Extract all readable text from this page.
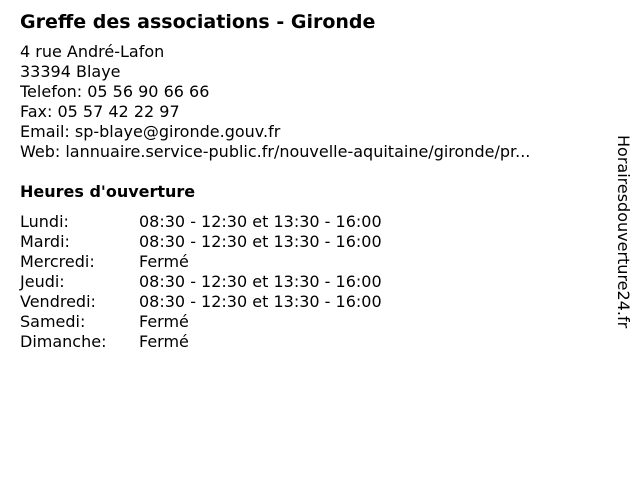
Greffe des associations - Gironde
4 rue André-Lafon
33394 Blaye
Telefon: 05 56 90 66 66
Fax: 05 57 42 22 97
Email: sp-blaye@gironde.gouv.fr
Web: lannuaire.service-public.fr/nouvelle-aquitaine/gironde/pr...
Heures d'ouverture
Lundi:	08:30 - 12:30 et 13:30 - 16:00
Mardi:	08:30 - 12:30 et 13:30 - 16:00
Mercredi:	Fermé
Jeudi:	08:30 - 12:30 et 13:30 - 16:00
Vendredi:	08:30 - 12:30 et 13:30 - 16:00
Samedi:	Fermé
Dimanche:	Fermé
Horairesdouverture24.fr
